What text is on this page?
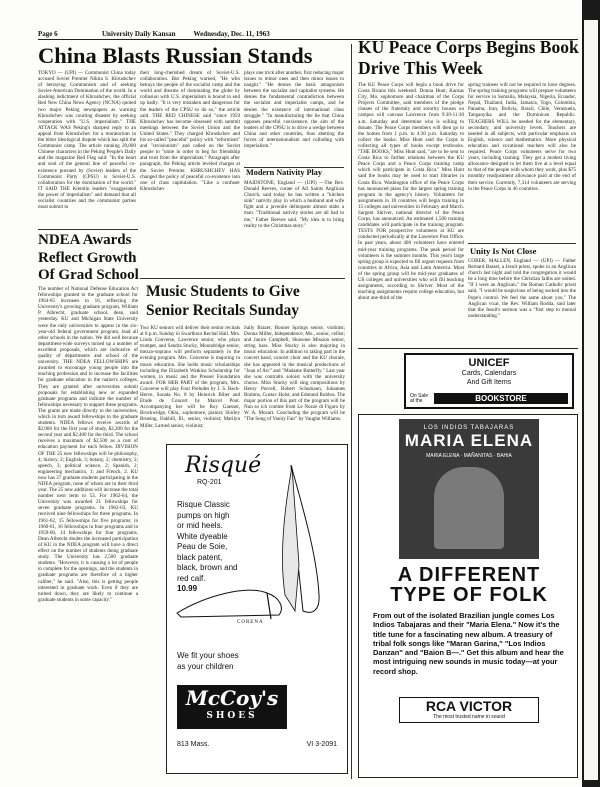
Page 6	University Daily Kansan	Wednesday, Dec. 11, 1963
China Blasts Russian Stands
TOKYO — (UPI) — Communist China today accused Soviet Premier Nikita S. Khrushchev of betraying Communism and of seeking Soviet-American Domination of the world. In a slashing indictment of Khrushchev, the official Red New China News Agency (NCNA) quoted two major Peking newspapers as warning Khrushchev was courting disaster by seeking cooperation with "U.S. imperialism." THE ATTACK WAS Peking's sharpest reply to an appeal from Khrushchev for a moratorium in the bitter ideological dispute which has split the Communist camp. The article running 20,000 Chinese characters in the Peking People's Daily and the magazine Red Flag said: "In the heart and soul of the general line of peaceful co-existence pursued by (Soviet) leaders of the Communist Party (CPSU) is Soviet-U.S. collaboration for the domination of the world." IT SAID THE Kremlin leaders "exaggerated the power of imperialism" and demand that all socialist countries and the communist parties must submit to
their long-cherished dream of Soviet-U.S. collaboration. But Peking warned, "He who betrays the people of the socialist camp and the world and dreams of dominating the globe by collusion with U.S. imperialism is bound to end up badly. "It is very mistaken and dangerous for the leaders of the CPSU to do so," the article said. THE RED CHINESE said "since 1959 Khrushchev has become obsessed with summit meetings between the Soviet Union and the United States." They charged Khrushchev and his so-called "peaceful" policy with "reformism" and "revisionism" and called on the Soviet people to "unite in order to beg for friendship and trust from the imperialists." Paragraph after paragraph, the Peking article leveled charges at the Soviet Premier. KHRUSHCHEV HAS changed the policy of peaceful co-existence into one of class capitulation. "Like a confuser Khrushchev
plays one trick after another, first reducing major issues to minor ones and then minor issues to naught." "He denies the basic antagonism between the socialist and capitalist systems. He denies the fundamental contradiction between the socialist and imperialist camps, and he denies the existence of international class struggle." "In manufacturing the lie that China opposes peaceful coexistence, the aim of the leaders of the CPSU is to drive a wedge between China and other countries, thus abetting the forces of internationalism and colluding with imperialism."
Modern Nativity Play
MAIDSTONE, England — (UPI) —The Rev. Donald Reeves, curate of All Saints Anglican Church, said today he has written a "kitchen sink" nativity play in which a husband and wife fight and a juvenile delinquent almost stabs a man. "Traditional nativity stories are all bad to me," Father Reeves said. "My idea is to bring reality to the Christmas story."
NDEA Awards Reflect Growth Of Grad School
The number of National Defense Education Act fellowships granted to the graduate school for 1964-65 increases to 16, reflecting the University's growing graduate program, William P. Albrecht, graduate school, dean, said yesterday. KU and Michigan State University were the only universities to appear in the six-year-old federal government program, lead all other schools in the nation. We did well because department-wide surveys turned up a number of excellent proposals, which are indicative of quality of departments and school of the university. THE NDEA FELLOWSHIPS are awarded to encourage young people into the teaching profession and to increase the facilities for graduate education in the nation's colleges. They are granted after universities submit proposals for establishing new or expanded graduate programs and indicate the number of fellowships necessary to support these programs. The grants are made directly to the universities, which in turn award fellowships to the graduate students. NDEA fellows receive awards of $2,000 for the first year of study, $2,200 for the second year and $2,400 for the third. The school receives a maximum of $2,500 as a cost of education payment for each fellow. DIVISION OF THE 25 new fellowships will be philosophy, 4; history, 2; English, 3; botany, 2; chemistry, 2; speech, 3; political science, 2; Spanish, 2; engineering mechanics, 1; and French, 2. KU now has 37 graduate students participating in the NDEA program, none of whom are in their third year. The 25 new additions will increase the total number next term to 53. For 1962-64, the University was awarded 21 fellowships for seven graduate programs. In 1962-63, KU received nine fellowships for three programs. In 1961-62, 15 fellowships for five programs; in 1960-61, 16 fellowships in four programs and in 1959-60, 14 fellowships for four programs. Dean Albrecht doubts the increased participation of KU in the NDEA program will have a direct effect on the number of students doing graduate study. The University has 2,500 graduate students. "However, it is causing a lot of people to complete for the openings, and the students in graduate programs are therefore of a higher caliber," he said. "Also, this is getting people interested in graduate work. Even if they are turned down, they are likely to continue a graduate students in some capacity."
Music Students to Give Senior Recitals Sunday
Two KU seniors will deliver their senior recitals at 8 p.m. Sunday in Swarthout Recital Hall. Mrs. Linda Converse, Lawrence senior, who plays trumpet, and Sandra Stucky, Moundridge senior, mezzo-soprano will perform separately in the evening program. Mrs. Converse is majoring in music education. She holds music scholarships including the Elizabeth Watkins Scholarship for women, in music and the Presser Foundation award. FOR HER PART of the program, Mrs. Converse will play Four Preludes by J. S. Bach-Herve, Sonata No. 8 by Heinrich Biber and Etude de Concert by Marcel Poot. Accompanying her will be Roy Gaesser, Brockwidge, Okla., sophomore, pianist; Shirley Brueing, Oakhill, Ill., senior, violinist; Marilyn Miller, Larned senior, violinist;
Sally Brazer, Bonner Springs senior, violinist; Donna Miller, Independence, Mo., senior, cellist; and Janice Campbell, Shawnee Mission senior, string bass. Miss Stucky is also majoring in music education. In addition to taking part in the concert band, concert choir and the KU chorale, she has appeared in the musical productions of "Joan of Arc" and "Madame Butterfly." Last year she was contralto soloist with the university chorus. Miss Stucky will sing compositions by Henry Purcell, Robert Schumann, Johannes Brahms, Gustav Holst, and Edmund Rubbra. The major portion of this part of the program will be Nun so ich comme from Le Nozze di Figaro by W. A. Mozart. Concluding the program will be "The Song of Vanity Fair" by Vaughn Williams.
KU Peace Corps Begins Book Drive This Week
The KU Peace Corps will begin a book drive for Costa Ricans this weekend. Donna Hunt, Kansas City, Mo. sophomore and chairman of the Corps Projects Committee, said members of the pledge classes of the fraternity and sorority houses on campus will canvass Lawrence from 9:30-11:30 a.m. Saturday and determine who is willing to donate. The Peace Corps members will then go to the homes from 1 p.m. to 4:30 p.m. Saturday to collect the books. Miss Hunt said the Corps is collecting all types of books except textbooks. "THE BOOKS," Miss Hunt said, "are to be sent to Costa Rica to further relations between the KU Peace Corps and a Peace Corps training camp which will participate in Costa Rica." Miss Hunt said the books may be used to start libraries in Costa Rica. Washington office of the Peace Corps has announced plans for the largest spring training program in the agency's history. Volunteers for assignments in 18 countries will begin training in 15 colleges and universities in February and March. Sargent Shriver, national director of the Peace Corps, has announced. An estimated 1,500 training candidates will participate in the training program. TESTS FOR prospective volunteers at KU are conducted periodically at the Lawrence Post Office. In past years, about 400 volunteers have entered mid-year training programs. The peak period for volunteers is the summer months. This year's large spring group is expected to fill urgent requests from countries in Africa, Asia and Latin America. Most of the spring group will be mid-year graduates of US colleges and universities who will fill teaching assignments, according to Shriver. Most of the teaching assignments require college education, but about one-third of the
spring trainees will not be required to have degrees. The spring training programs will prepare volunteers for service in Somalia, Malaysia, Nigeria, Ecuador, Nepal, Thailand, India, Jamaica, Togo, Columbia, Panama, Iran, Bolivia, Brazil, Chile, Venezuela, Tanganyika and the Dominican Republic. TEACHERS WILL be needed for the elementary, secondary, and university levels. Teachers are needed in all subjects, with particular emphasis on English, science and mathematics. More physical education and vocational teachers will also be required. Peace Corps volunteers serve for two years, including training. They get a modest living allowance designed to let them live at a level equal to that of the people with whom they work, plus $75 monthly readjustment allowance paid at the end of their service. Currently, 7,314 volunteers are serving in the Peace Corps in 46 countries.
Unity Is Not Close
COBER, MALLEN, England — (UPI) — Father Bernard Basset, a Jesuit priest, spoke in an Anglican church last night and told the congregation it would be a long time before the Christian faiths are united. "If I were an Anglican," the Roman Catholic priest said, "I would be suspicious of being sucked into the Pope's control. We feel the same about you." The Anglican vicar, the Rev. William Rodda, said later that the Jesuit's sermon was a "first step to mutual understanding."
Risqué
RQ-201
Risque Classic
pumps on high
or mid heels.
White dyeable
Peau de Soie,
black patent,
black, brown and
red calf.
10.99
CORENA
We fit your shoes
as your children
McCoy's
SHOES
813 Mass.	VI 3-2091
UNICEF
Cards, Calendars
And Gift Items
On Sale at the	BOOKSTORE
LOS INDIOS TABAJARAS
MARIA ELENA
MARIA ELENA · MAÑANITAS · BAHIA
A DIFFERENT
TYPE OF FOLK
From out of the isolated Brazilian jungle comes Los Indios Tabajaras and their "Maria Elena." Now it's the title tune for a fascinating new album. A treasury of tribal folk songs like "Maran Garina," "Los Indios Danzan" and "Baion B—." Get this album and hear the most intriguing new sounds in music today—at your record shop.
RCA VICTOR
The most trusted name in sound
